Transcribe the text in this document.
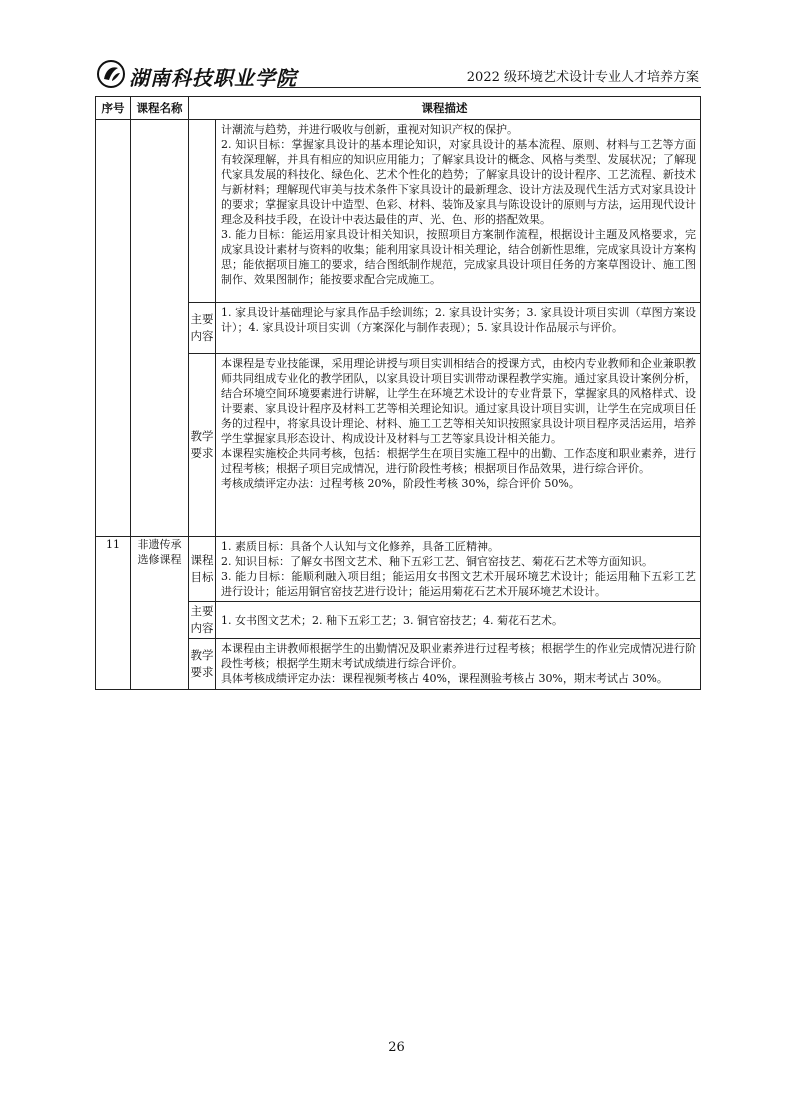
湖南科技职业学院	2022 级环境艺术设计专业人才培养方案
序号	课程名称	课程描述	

			计潮流与趋势，并进行吸收与创新，重视对知识产权的保护。

2. 知识目标：掌握家具设计的基本理论知识，对家具设计的基本流程、原则、材料与工艺等方面有较深理解，并具有相应的知识应用能力；了解家具设计的概念、风格与类型、发展状况；了解现代家具发展的科技化、绿色化、艺术个性化的趋势；了解家具设计的设计程序、工艺流程、新技术与新材料；理解现代审美与技术条件下家具设计的最新理念、设计方法及现代生活方式对家具设计的要求；掌握家具设计中造型、色彩、材料、装饰及家具与陈设设计的原则与方法，运用现代设计理念及科技手段，在设计中表达最佳的声、光、色、形的搭配效果。

3. 能力目标：能运用家具设计相关知识，按照项目方案制作流程，根据设计主题及风格要求，完成家具设计素材与资料的收集；能利用家具设计相关理论，结合创新性思维，完成家具设计方案构思；能依据项目施工的要求，结合图纸制作规范，完成家具设计项目任务的方案草图设计、施工图制作、效果图制作；能按要求配合完成施工。

		主要内容	1. 家具设计基础理论与家具作品手绘训练；2. 家具设计实务；3. 家具设计项目实训（草图方案设计）；4. 家具设计项目实训（方案深化与制作表现）；5. 家具设计作品展示与评价。
		教学要求	本课程是专业技能课，采用理论讲授与项目实训相结合的授课方式，由校内专业教师和企业兼职教师共同组成专业化的教学团队，以家具设计项目实训带动课程教学实施。通过家具设计案例分析，结合环境空间环境要素进行讲解，让学生在环境艺术设计的专业背景下，掌握家具的风格样式、设计要素、家具设计程序及材料工艺等相关理论知识。通过家具设计项目实训，让学生在完成项目任务的过程中，将家具设计理论、材料、施工工艺等相关知识按照家具设计项目程序灵活运用，培养学生掌握家具形态设计、构成设计及材料与工艺等家具设计相关能力。

本课程实施校企共同考核，包括：根据学生在项目实施工程中的出勤、工作态度和职业素养，进行过程考核；根据子项目完成情况，进行阶段性考核；根据项目作品效果，进行综合评价。

考核成绩评定办法：过程考核 20%，阶段性考核 30%，综合评价 50%。

11	非遗传承选修课程	课程目标	1. 素质目标：具备个人认知与文化修养，具备工匠精神。

2. 知识目标：了解女书图文艺术、釉下五彩工艺、铜官窑技艺、菊花石艺术等方面知识。

3. 能力目标：能顺利融入项目组；能运用女书图文艺术开展环境艺术设计；能运用釉下五彩工艺进行设计；能运用铜官窑技艺进行设计；能运用菊花石艺术开展环境艺术设计。

		主要内容	1. 女书图文艺术；2. 釉下五彩工艺；3. 铜官窑技艺；4. 菊花石艺术。
		教学要求	本课程由主讲教师根据学生的出勤情况及职业素养进行过程考核；根据学生的作业完成情况进行阶段性考核；根据学生期末考试成绩进行综合评价。

具体考核成绩评定办法：课程视频考核占 40%，课程测验考核占 30%，期末考试占 30%。

26
